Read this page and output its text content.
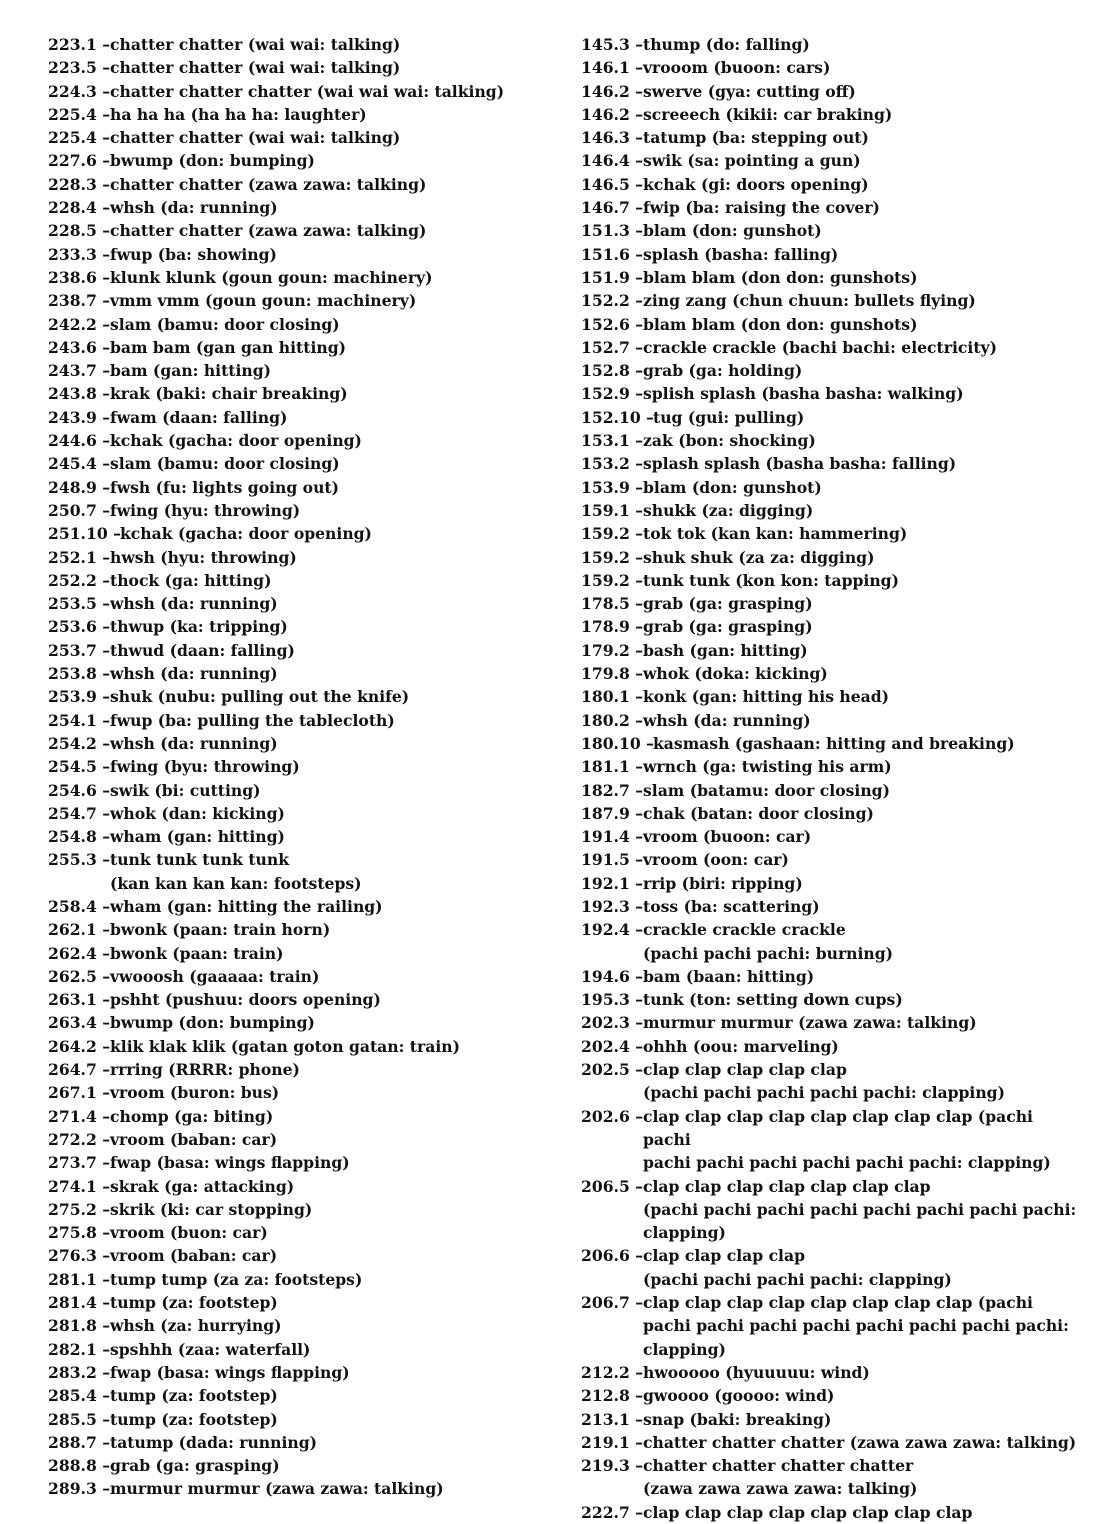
223.1 – chatter chatter (wai wai: talking)
223.5 – chatter chatter (wai wai: talking)
224.3 – chatter chatter chatter (wai wai wai: talking)
225.4 – ha ha ha (ha ha ha: laughter)
225.4 – chatter chatter (wai wai: talking)
227.6 – bwump (don: bumping)
228.3 – chatter chatter (zawa zawa: talking)
228.4 – whsh (da: running)
228.5 – chatter chatter (zawa zawa: talking)
233.3 – fwup (ba: showing)
238.6 – klunk klunk (goun goun: machinery)
238.7 – vmm vmm (goun goun: machinery)
242.2 – slam (bamu: door closing)
243.6 – bam bam (gan gan hitting)
243.7 – bam (gan: hitting)
243.8 – krak (baki: chair breaking)
243.9 – fwam (daan: falling)
244.6 – kchak (gacha: door opening)
245.4 – slam (bamu: door closing)
248.9 – fwsh (fu: lights going out)
250.7 – fwing (hyu: throwing)
251.10 – kchak (gacha: door opening)
252.1 – hwsh (hyu: throwing)
252.2 – thock (ga: hitting)
253.5 – whsh (da: running)
253.6 – thwup (ka: tripping)
253.7 – thwud (daan: falling)
253.8 – whsh (da: running)
253.9 – shuk (nubu: pulling out the knife)
254.1 – fwup (ba: pulling the tablecloth)
254.2 – whsh (da: running)
254.5 – fwing (byu: throwing)
254.6 – swik (bi: cutting)
254.7 – whok (dan: kicking)
254.8 – wham (gan: hitting)
255.3 – tunk tunk tunk tunk
(kan kan kan kan: footsteps)
258.4 – wham (gan: hitting the railing)
262.1 – bwonk (paan: train horn)
262.4 – bwonk (paan: train)
262.5 – vwooosh (gaaaaa: train)
263.1 – pshht (pushuu: doors opening)
263.4 – bwump (don: bumping)
264.2 – klik klak klik (gatan goton gatan: train)
264.7 – rrring (RRRR: phone)
267.1 – vroom (buron: bus)
271.4 – chomp (ga: biting)
272.2 – vroom (baban: car)
273.7 – fwap (basa: wings flapping)
274.1 – skrak (ga: attacking)
275.2 – skrik (ki: car stopping)
275.8 – vroom (buon: car)
276.3 – vroom (baban: car)
281.1 – tump tump (za za: footsteps)
281.4 – tump (za: footstep)
281.8 – whsh (za: hurrying)
282.1 – spshhh (zaa: waterfall)
283.2 – fwap (basa: wings flapping)
285.4 – tump (za: footstep)
285.5 – tump (za: footstep)
288.7 – tatump (dada: running)
288.8 – grab (ga: grasping)
289.3 – murmur murmur (zawa zawa: talking)
145.3 – thump (do: falling)
146.1 – vrooom (buoon: cars)
146.2 – swerve (gya: cutting off)
146.2 – screeech (kikii: car braking)
146.3 – tatump (ba: stepping out)
146.4 – swik (sa: pointing a gun)
146.5 – kchak (gi: doors opening)
146.7 – fwip (ba: raising the cover)
151.3 – blam (don: gunshot)
151.6 – splash (basha: falling)
151.9 – blam blam (don don: gunshots)
152.2 – zing zang (chun chuun: bullets flying)
152.6 – blam blam (don don: gunshots)
152.7 – crackle crackle (bachi bachi: electricity)
152.8 – grab (ga: holding)
152.9 – splish splash (basha basha: walking)
152.10 – tug (gui: pulling)
153.1 – zak (bon: shocking)
153.2 – splash splash (basha basha: falling)
153.9 – blam (don: gunshot)
159.1 – shukk (za: digging)
159.2 – tok tok (kan kan: hammering)
159.2 – shuk shuk (za za: digging)
159.2 – tunk tunk (kon kon: tapping)
178.5 – grab (ga: grasping)
178.9 – grab (ga: grasping)
179.2 – bash (gan: hitting)
179.8 – whok (doka: kicking)
180.1 – konk (gan: hitting his head)
180.2 – whsh (da: running)
180.10 – kasmash (gashaan: hitting and breaking)
181.1 – wrnch (ga: twisting his arm)
182.7 – slam (batamu: door closing)
187.9 – chak (batan: door closing)
191.4 – vroom (buoon: car)
191.5 – vroom (oon: car)
192.1 – rrip (biri: ripping)
192.3 – toss (ba: scattering)
192.4 – crackle crackle crackle
(pachi pachi pachi: burning)
194.6 – bam (baan: hitting)
195.3 – tunk (ton: setting down cups)
202.3 – murmur murmur (zawa zawa: talking)
202.4 – ohhh (oou: marveling)
202.5 – clap clap clap clap clap
(pachi pachi pachi pachi pachi: clapping)
202.6 – clap clap clap clap clap clap clap clap (pachi pachi
pachi pachi pachi pachi pachi pachi: clapping)
206.5 – clap clap clap clap clap clap clap
(pachi pachi pachi pachi pachi pachi pachi pachi:
clapping)
206.6 – clap clap clap clap
(pachi pachi pachi pachi: clapping)
206.7 – clap clap clap clap clap clap clap clap (pachi
pachi pachi pachi pachi pachi pachi pachi pachi:
clapping)
212.2 – hwooooo (hyuuuuu: wind)
212.8 – gwoooo (goooo: wind)
213.1 – snap (baki: breaking)
219.1 – chatter chatter chatter (zawa zawa zawa: talking)
219.3 – chatter chatter chatter chatter
(zawa zawa zawa zawa: talking)
222.7 – clap clap clap clap clap clap clap clap
